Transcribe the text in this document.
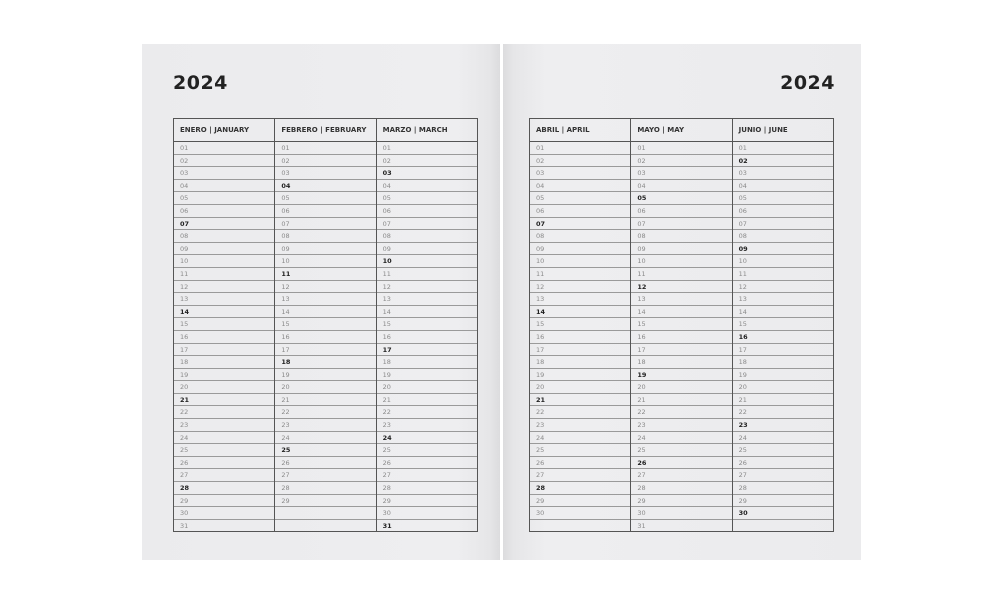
2024
ENERO | JANUARY
01
02
03
04
05
06
07
08
09
10
11
12
13
14
15
16
17
18
19
20
21
22
23
24
25
26
27
28
29
30
31
FEBRERO | FEBRUARY
01
02
03
04
05
06
07
08
09
10
11
12
13
14
15
16
17
18
19
20
21
22
23
24
25
26
27
28
29
MARZO | MARCH
01
02
03
04
05
06
07
08
09
10
11
12
13
14
15
16
17
18
19
20
21
22
23
24
25
26
27
28
29
30
31
2024
ABRIL | APRIL
01
02
03
04
05
06
07
08
09
10
11
12
13
14
15
16
17
18
19
20
21
22
23
24
25
26
27
28
29
30
MAYO | MAY
01
02
03
04
05
06
07
08
09
10
11
12
13
14
15
16
17
18
19
20
21
22
23
24
25
26
27
28
29
30
31
JUNIO | JUNE
01
02
03
04
05
06
07
08
09
10
11
12
13
14
15
16
17
18
19
20
21
22
23
24
25
26
27
28
29
30
